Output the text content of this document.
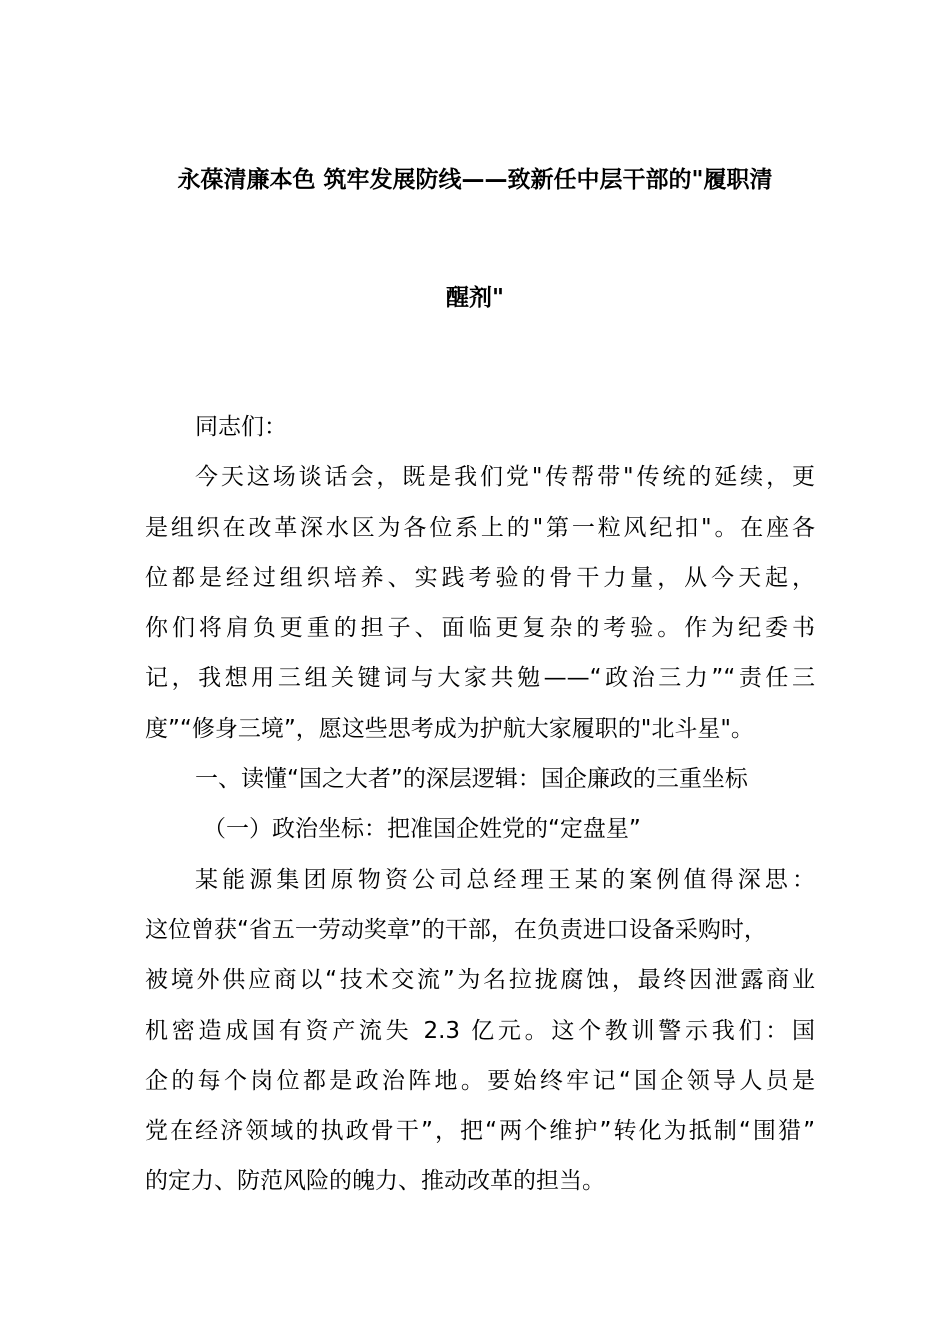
永葆清廉本色 筑牢发展防线——致新任中层干部的"履职清
醒剂"
同志们：
今天这场谈话会，既是我们党"传帮带"传统的延续，更
是组织在改革深水区为各位系上的"第一粒风纪扣"。在座各
位都是经过组织培养、实践考验的骨干力量，从今天起，
你们将肩负更重的担子、面临更复杂的考验。作为纪委书
记，我想用三组关键词与大家共勉——“政治三力”“责任三
度”“修身三境”，愿这些思考成为护航大家履职的"北斗星"。
一、读懂“国之大者”的深层逻辑：国企廉政的三重坐标
（一）政治坐标：把准国企姓党的“定盘星”
某能源集团原物资公司总经理王某的案例值得深思：
这位曾获“省五一劳动奖章”的干部，在负责进口设备采购时，
被境外供应商以“技术交流”为名拉拢腐蚀，最终因泄露商业
机密造成国有资产流失 2.3 亿元。这个教训警示我们：国
企的每个岗位都是政治阵地。要始终牢记“国企领导人员是
党在经济领域的执政骨干”，把“两个维护”转化为抵制“围猎”
的定力、防范风险的魄力、推动改革的担当。
